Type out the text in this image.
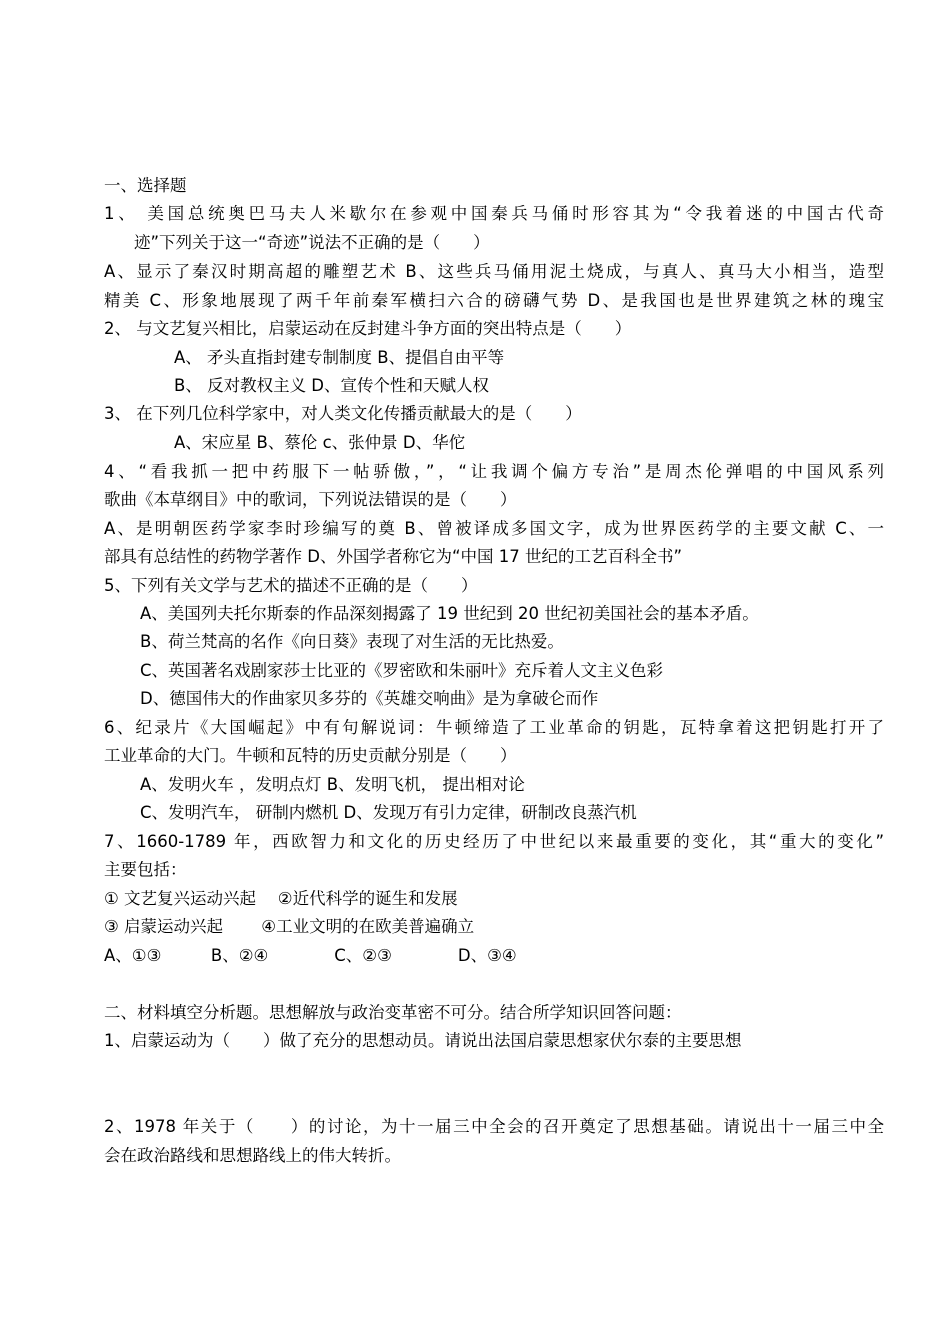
一、选择题
1、 美国总统奥巴马夫人米歇尔在参观中国秦兵马俑时形容其为“令我着迷的中国古代奇
迹”下列关于这一“奇迹”说法不正确的是（　　）
A、显示了秦汉时期高超的雕塑艺术 B、这些兵马俑用泥土烧成，与真人、真马大小相当，造型
精美 C、形象地展现了两千年前秦军横扫六合的磅礴气势 D、是我国也是世界建筑之林的瑰宝
2、 与文艺复兴相比，启蒙运动在反封建斗争方面的突出特点是（　　）
A、 矛头直指封建专制制度 B、提倡自由平等
B、 反对教权主义 D、宣传个性和天赋人权
3、 在下列几位科学家中，对人类文化传播贡献最大的是（　　）
A、宋应星 B、蔡伦 c、张仲景 D、华佗
4、“看我抓一把中药服下一帖骄傲，”，“让我调个偏方专治”是周杰伦弹唱的中国风系列
歌曲《本草纲目》中的歌词，下列说法错误的是（　　）
A、是明朝医药学家李时珍编写的奠 B、曾被译成多国文字，成为世界医药学的主要文献 C、一
部具有总结性的药物学著作 D、外国学者称它为“中国 17 世纪的工艺百科全书”
5、下列有关文学与艺术的描述不正确的是（　　）
A、美国列夫托尔斯泰的作品深刻揭露了 19 世纪到 20 世纪初美国社会的基本矛盾。
B、荷兰梵高的名作《向日葵》表现了对生活的无比热爱。
C、英国著名戏剧家莎士比亚的《罗密欧和朱丽叶》充斥着人文主义色彩
D、德国伟大的作曲家贝多芬的《英雄交响曲》是为拿破仑而作
6、纪录片《大国崛起》中有句解说词：牛顿缔造了工业革命的钥匙，瓦特拿着这把钥匙打开了
工业革命的大门。牛顿和瓦特的历史贡献分别是（　　）
A、发明火车 ，发明点灯 B、发明飞机， 提出相对论
C、发明汽车， 研制内燃机 D、发现万有引力定律，研制改良蒸汽机
7、1660-1789 年，西欧智力和文化的历史经历了中世纪以来最重要的变化，其“重大的变化”
主要包括：
① 文艺复兴运动兴起　 ②近代科学的诞生和发展
③ 启蒙运动兴起　　 ④工业文明的在欧美普遍确立
A、①③　　　B、②④　　　　C、②③　　　　D、③④
二、材料填空分析题。思想解放与政治变革密不可分。结合所学知识回答问题：
1、启蒙运动为（　　）做了充分的思想动员。请说出法国启蒙思想家伏尔泰的主要思想
2、1978 年关于（　　）的讨论，为十一届三中全会的召开奠定了思想基础。请说出十一届三中全
会在政治路线和思想路线上的伟大转折。
